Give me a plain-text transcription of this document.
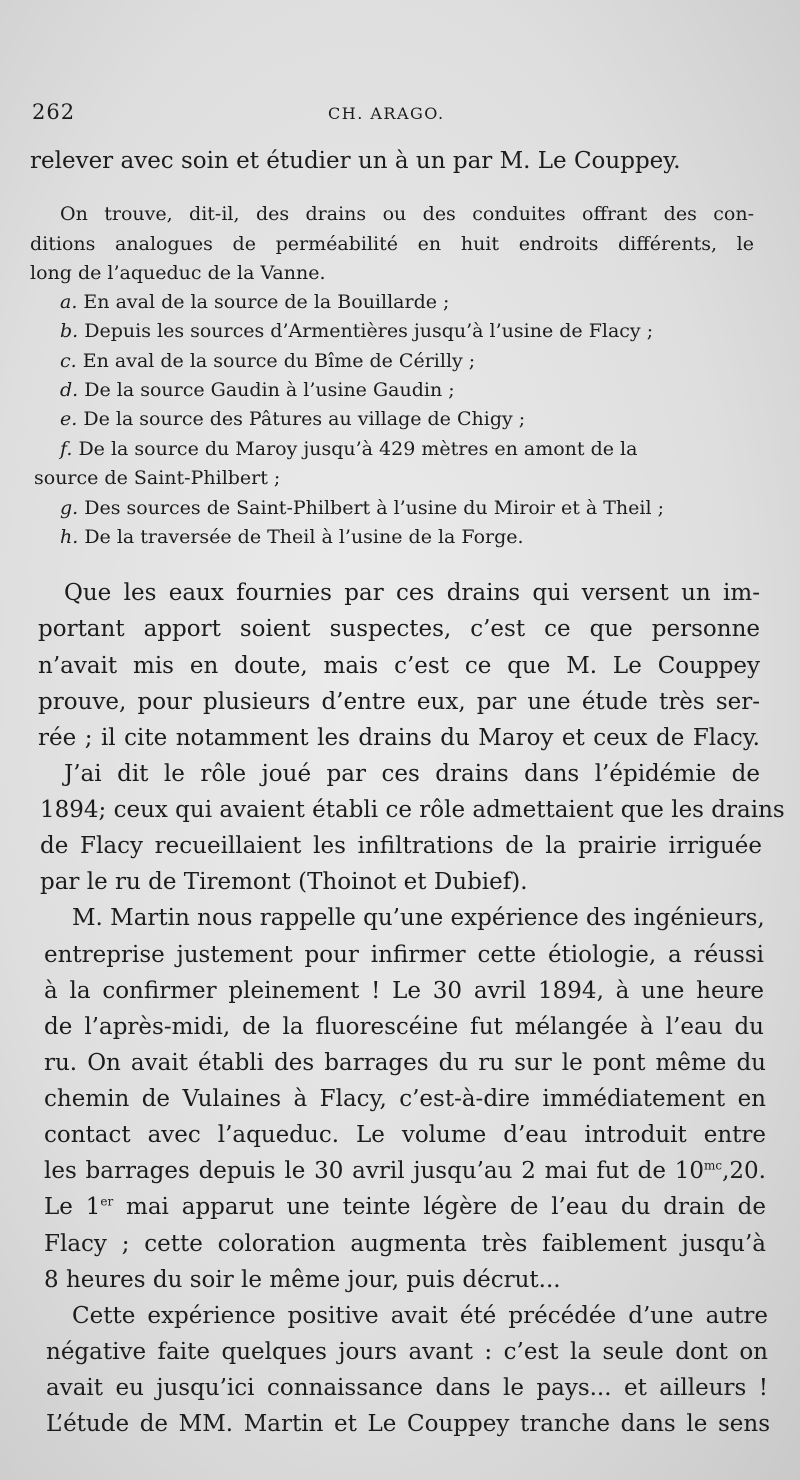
262	CH. ARAGO.
relever avec soin et étudier un à un par M. Le Couppey.
On trouve, dit-il, des drains ou des conduites offrant des con-
ditions analogues de perméabilité en huit endroits différents, le
long de l’aqueduc de la Vanne.
a. En aval de la source de la Bouillarde ;
b. Depuis les sources d’Armentières jusqu’à l’usine de Flacy ;
c. En aval de la source du Bîme de Cérilly ;
d. De la source Gaudin à l’usine Gaudin ;
e. De la source des Pâtures au village de Chigy ;
f. De la source du Maroy jusqu’à 429 mètres en amont de la
source de Saint-Philbert ;
g. Des sources de Saint-Philbert à l’usine du Miroir et à Theil ;
h. De la traversée de Theil à l’usine de la Forge.
Que les eaux fournies par ces drains qui versent un im-
portant apport soient suspectes, c’est ce que personne
n’avait mis en doute, mais c’est ce que M. Le Couppey
prouve, pour plusieurs d’entre eux, par une étude très ser-
rée ; il cite notamment les drains du Maroy et ceux de Flacy.
J’ai dit le rôle joué par ces drains dans l’épidémie de
1894; ceux qui avaient établi ce rôle admettaient que les drains
de Flacy recueillaient les infiltrations de la prairie irriguée
par le ru de Tiremont (Thoinot et Dubief).
M. Martin nous rappelle qu’une expérience des ingénieurs,
entreprise justement pour infirmer cette étiologie, a réussi
à la confirmer pleinement ! Le 30 avril 1894, à une heure
de l’après-midi, de la fluorescéine fut mélangée à l’eau du
ru. On avait établi des barrages du ru sur le pont même du
chemin de Vulaines à Flacy, c’est-à-dire immédiatement en
contact avec l’aqueduc. Le volume d’eau introduit entre
les barrages depuis le 30 avril jusqu’au 2 mai fut de $10^{mc},20$.
Le 1er mai apparut une teinte légère de l’eau du drain de
Flacy ; cette coloration augmenta très faiblement jusqu’à
8 heures du soir le même jour, puis décrut...
Cette expérience positive avait été précédée d’une autre
négative faite quelques jours avant : c’est la seule dont on
avait eu jusqu’ici connaissance dans le pays... et ailleurs !
L’étude de MM. Martin et Le Couppey tranche dans le sens
